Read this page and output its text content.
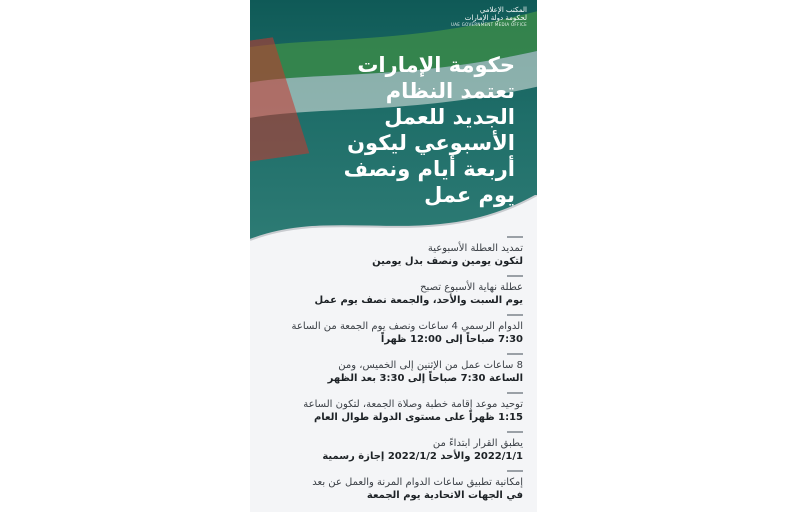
المكتب الإعلامي
لحكومة دولة الإمارات
UAE GOVERNMENT MEDIA OFFICE
حكومة الإمارات
تعتمد النظام
الجديد للعمل
الأسبوعي ليكون
أربعة أيام ونصف
يوم عمل
تمديد العطلة الأسبوعية
لتكون يومين ونصف بدل يومين
عطلة نهاية الأسبوع تصبح
يوم السبت والأحد، والجمعة نصف يوم عمل
الدوام الرسمي 4 ساعات ونصف يوم الجمعة من الساعة
7:30 صباحاً إلى 12:00 ظهراً
8 ساعات عمل من الإثنين إلى الخميس، ومن
الساعة 7:30 صباحاً إلى 3:30 بعد الظهر
توحيد موعد إقامة خطبة وصلاة الجمعة، لتكون الساعة
1:15 ظهراً على مستوى الدولة طوال العام
يطبق القرار ابتداءً من
2022/1/1 والأحد 2022/1/2 إجازة رسمية
إمكانية تطبيق ساعات الدوام المرنة والعمل عن بعد
في الجهات الاتحادية يوم الجمعة
